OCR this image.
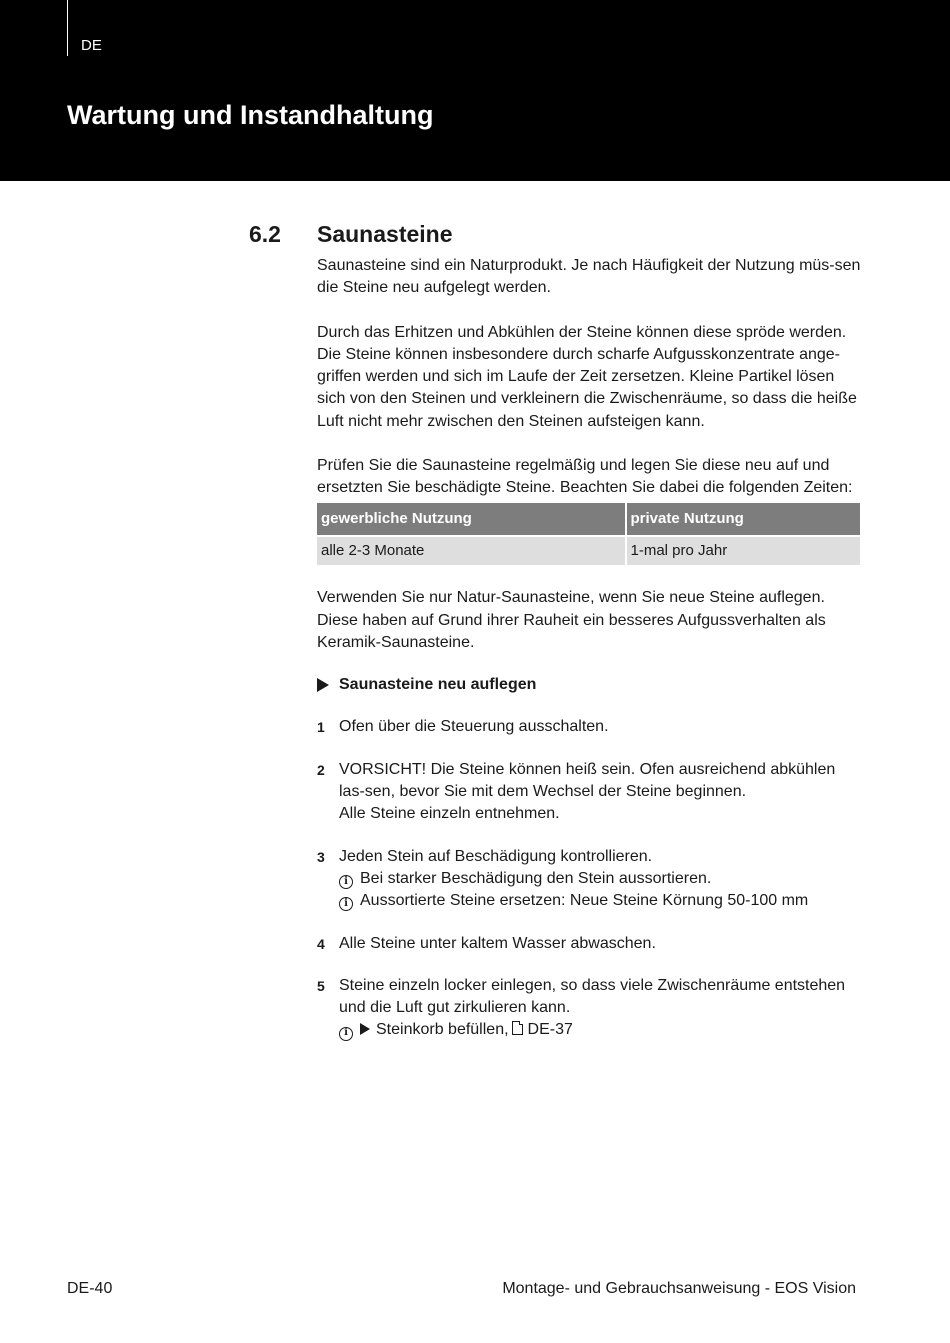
DE
Wartung und Instandhaltung
6.2 Saunasteine

Saunasteine sind ein Naturprodukt. Je nach Häufigkeit der Nutzung müs-sen die Steine neu aufgelegt werden.

Durch das Erhitzen und Abkühlen der Steine können diese spröde werden. Die Steine können insbesondere durch scharfe Aufgusskonzentrate ange-griffen werden und sich im Laufe der Zeit zersetzen. Kleine Partikel lösen sich von den Steinen und verkleinern die Zwischenräume, so dass die heiße Luft nicht mehr zwischen den Steinen aufsteigen kann.

Prüfen Sie die Saunasteine regelmäßig und legen Sie diese neu auf und ersetzten Sie beschädigte Steine. Beachten Sie dabei die folgenden Zeiten:

gewerbliche Nutzung	private Nutzung
alle 2-3 Monate	1-mal pro Jahr

Verwenden Sie nur Natur-Saunasteine, wenn Sie neue Steine auflegen. Diese haben auf Grund ihrer Rauheit ein besseres Aufgussverhalten als Keramik-Saunasteine.

Saunasteine neu auflegen
1 Ofen über die Steuerung ausschalten.

2 VORSICHT! Die Steine können heiß sein. Ofen ausreichend abkühlen las-sen, bevor Sie mit dem Wechsel der Steine beginnen.

Alle Steine einzeln entnehmen.

3 Jeden Stein auf Beschädigung kontrollieren.

i Bei starker Beschädigung den Stein aussortieren.

i Aussortierte Steine ersetzen: Neue Steine Körnung 50-100 mm

4 Alle Steine unter kaltem Wasser abwaschen.

5 Steine einzeln locker einlegen, so dass viele Zwischenräume entstehen und die Luft gut zirkulieren kann.

i Steinkorb befüllen, DE-37

DE-40	Montage- und Gebrauchsanweisung - EOS Vision
